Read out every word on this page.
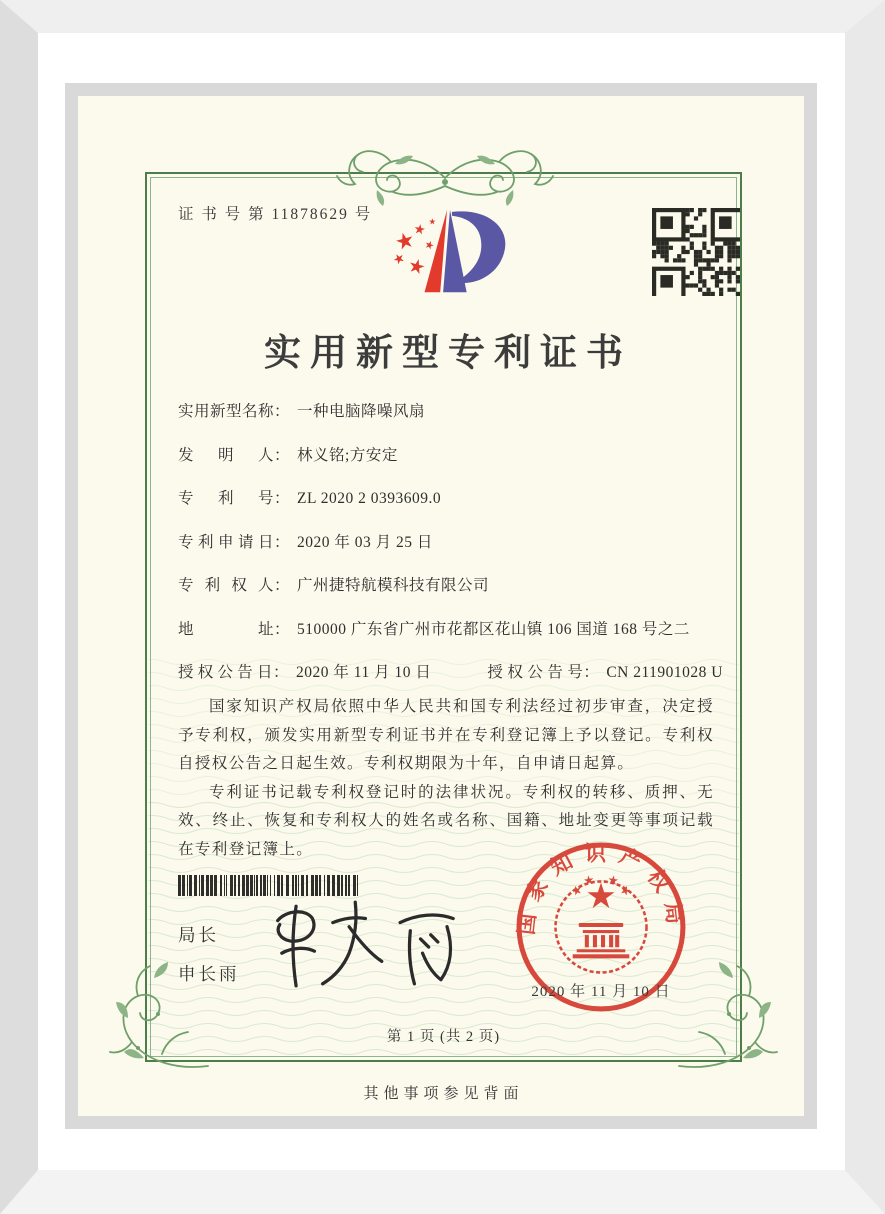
证 书 号 第 11878629 号
实用新型专利证书
实用新型名称 ： 一种电脑降噪风扇
发明人 ： 林义铭;方安定
专利号 ： ZL 2020 2 0393609.0
专利申请日 ： 2020 年 03 月 25 日
专利权人 ： 广州捷特航模科技有限公司
地址 ： 510000 广东省广州市花都区花山镇 106 国道 168 号之二
授权公告日 ： 2020 年 11 月 10 日	授权公告号 ： CN 211901028 U

国家知识产权局依照中华人民共和国专利法经过初步审查，决定授予专利权，颁发实用新型专利证书并在专利登记簿上予以登记。专利权自授权公告之日起生效。专利权期限为十年，自申请日起算。

专利证书记载专利权登记时的法律状况。专利权的转移、质押、无效、终止、恢复和专利权人的姓名或名称、国籍、地址变更等事项记载在专利登记簿上。

局长
申长雨
国家知识产权局
2020 年 11 月 10 日
第 1 页 (共 2 页)
其他事项参见背面
